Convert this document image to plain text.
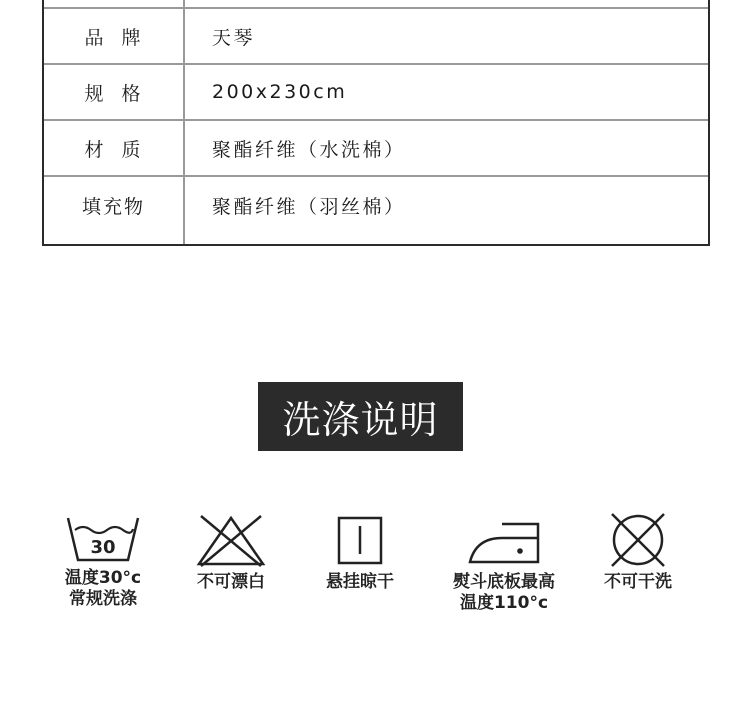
品  牌	天琴
规  格	200x230cm
材  质	聚酯纤维（水洗棉）
填充物	聚酯纤维（羽丝棉）
洗涤说明
30
温度30°c
常规洗涤
不可漂白	悬挂晾干	熨斗底板最高
温度110°c
不可干洗
